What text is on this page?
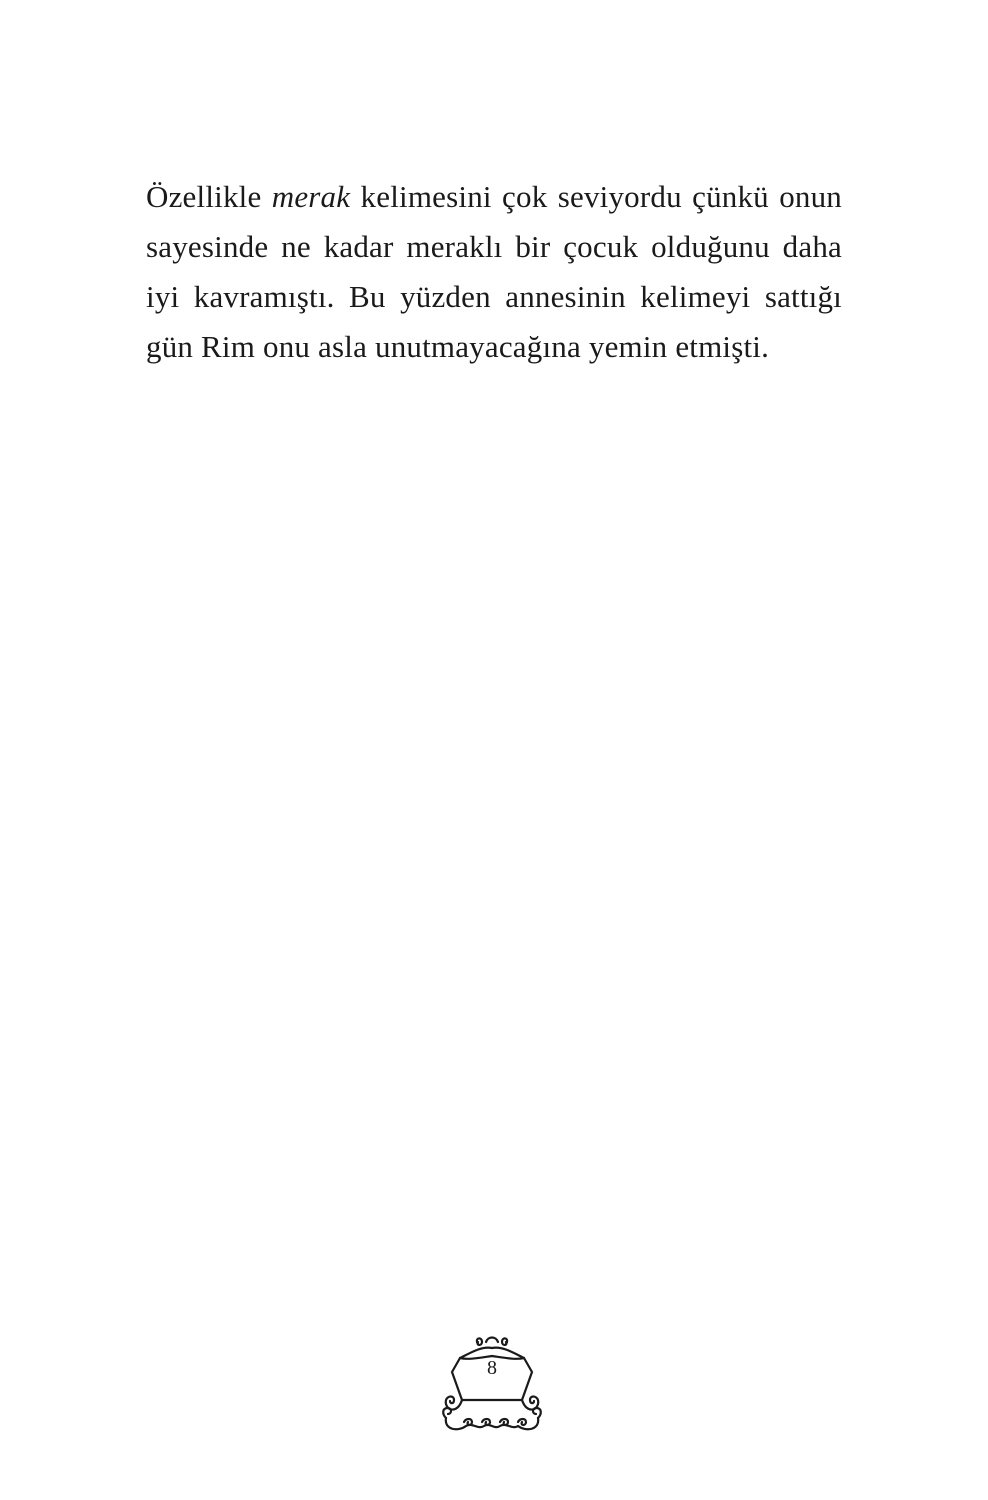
Özellikle merak kelimesini çok seviyordu çünkü onun sayesinde ne kadar meraklı bir çocuk olduğunu daha iyi kavramıştı. Bu yüzden annesinin kelimeyi sattığı gün Rim onu asla unutmayacağına yemin etmişti.

8
